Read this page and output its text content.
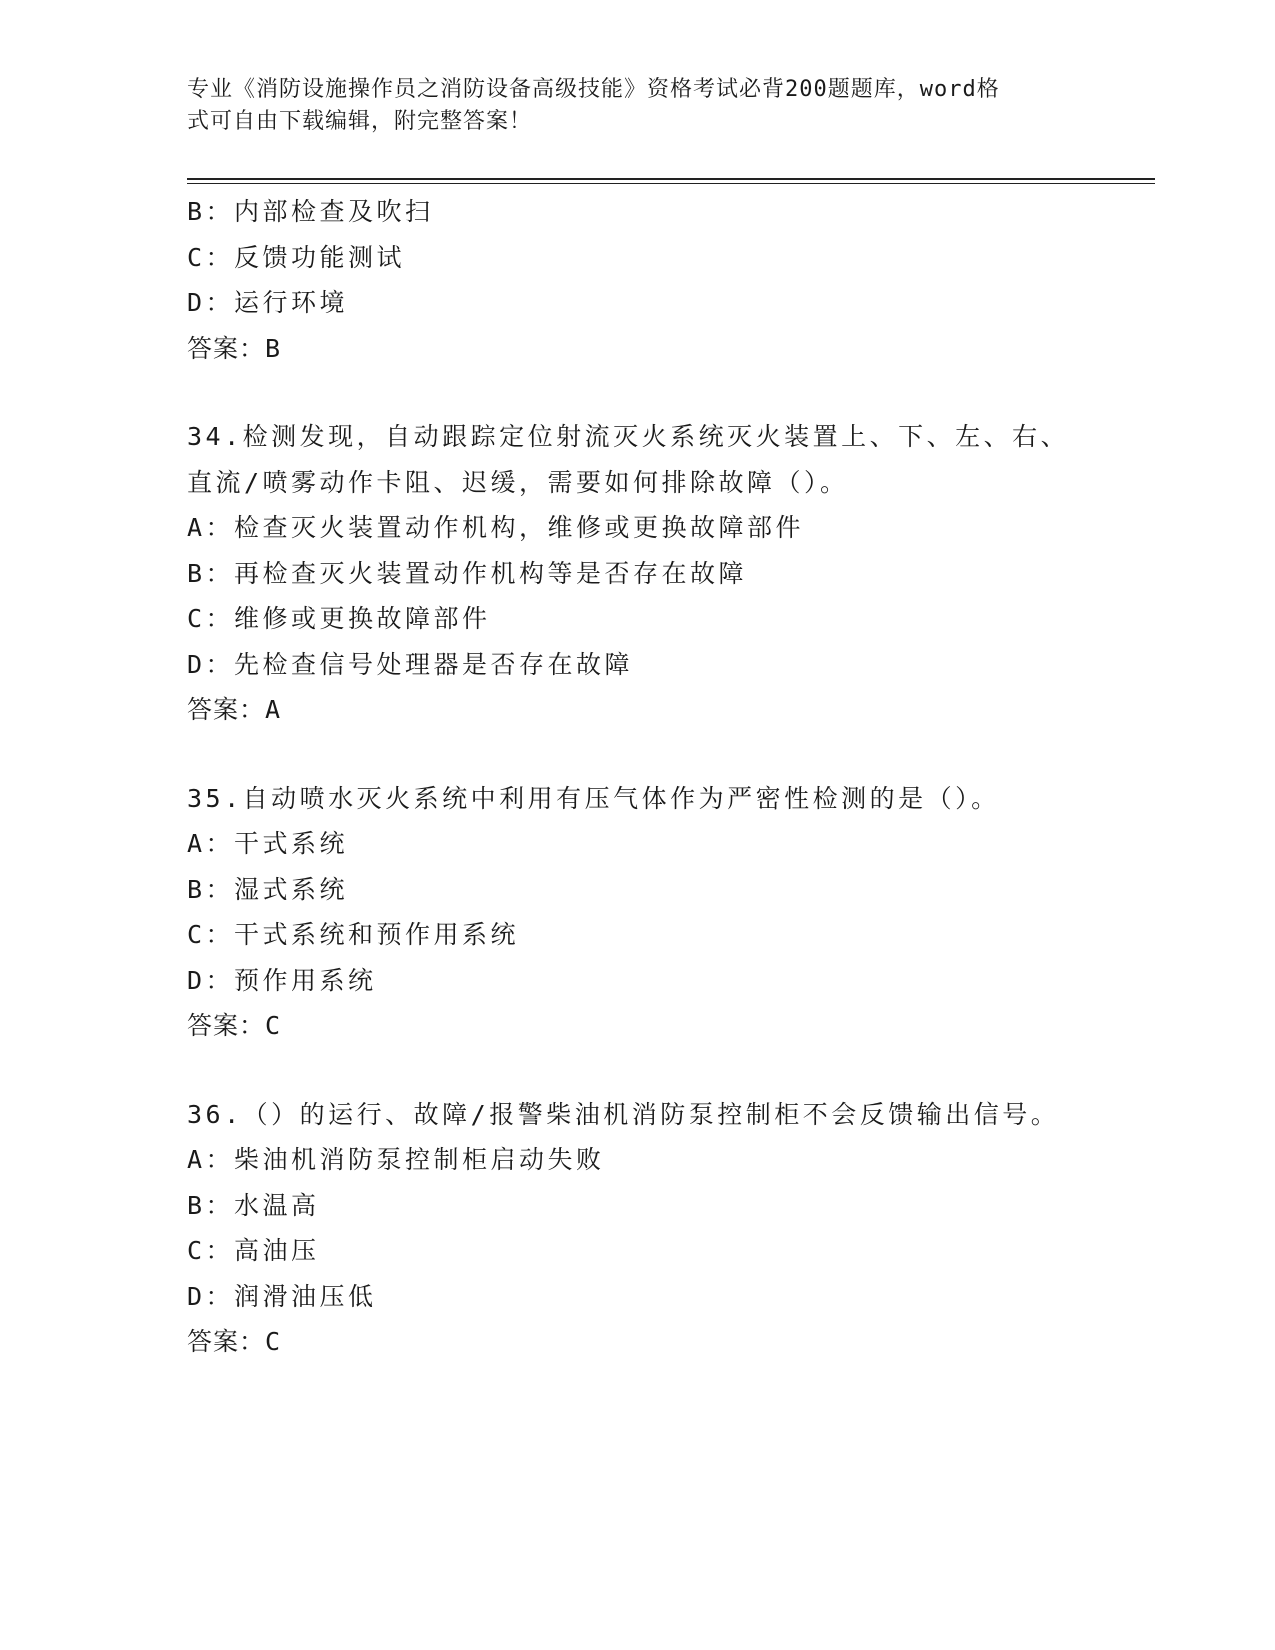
专业《消防设施操作员之消防设备高级技能》资格考试必背200题题库，word格
式可自由下载编辑，附完整答案！
B：内部检查及吹扫
C：反馈功能测试
D：运行环境
答案：B
34.检测发现，自动跟踪定位射流灭火系统灭火装置上、下、左、右、
直流/喷雾动作卡阻、迟缓，需要如何排除故障（）。
A：检查灭火装置动作机构，维修或更换故障部件
B：再检查灭火装置动作机构等是否存在故障
C：维修或更换故障部件
D：先检查信号处理器是否存在故障
答案：A
35.自动喷水灭火系统中利用有压气体作为严密性检测的是（）。
A：干式系统
B：湿式系统
C：干式系统和预作用系统
D：预作用系统
答案：C
36.（）的运行、故障/报警柴油机消防泵控制柜不会反馈输出信号。
A：柴油机消防泵控制柜启动失败
B：水温高
C：高油压
D：润滑油压低
答案：C
